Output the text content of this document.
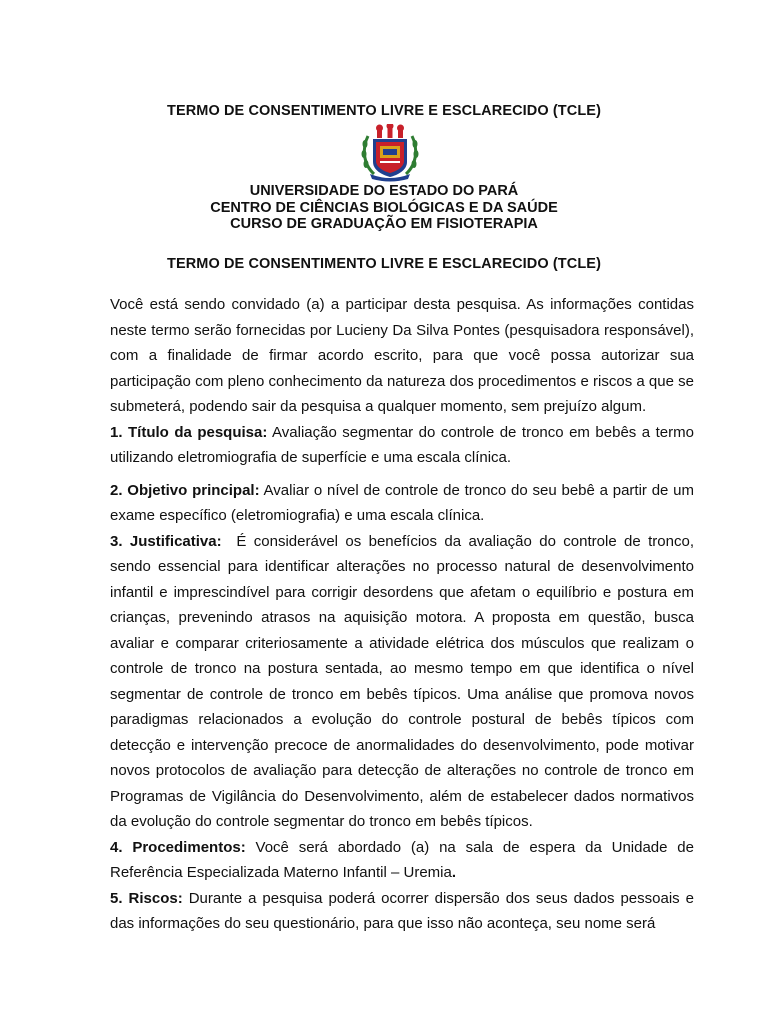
TERMO DE CONSENTIMENTO LIVRE E ESCLARECIDO (TCLE)
UNIVERSIDADE DO ESTADO DO PARÁ
CENTRO DE CIÊNCIAS BIOLÓGICAS E DA SAÚDE
CURSO DE GRADUAÇÃO EM FISIOTERAPIA
TERMO DE CONSENTIMENTO LIVRE E ESCLARECIDO (TCLE)

Você está sendo convidado (a) a participar desta pesquisa. As informações contidas neste termo serão fornecidas por Lucieny Da Silva Pontes (pesquisadora responsável), com a finalidade de firmar acordo escrito, para que você possa autorizar sua participação com pleno conhecimento da natureza dos procedimentos e riscos a que se submeterá, podendo sair da pesquisa a qualquer momento, sem prejuízo algum.

1. Título da pesquisa: Avaliação segmentar do controle de tronco em bebês a termo utilizando eletromiografia de superfície e uma escala clínica.

2. Objetivo principal: Avaliar o nível de controle de tronco do seu bebê a partir de um exame específico (eletromiografia) e uma escala clínica.

3. Justificativa:  É considerável os benefícios da avaliação do controle de tronco, sendo essencial para identificar alterações no processo natural de desenvolvimento infantil e imprescindível para corrigir desordens que afetam o equilíbrio e postura em crianças, prevenindo atrasos na aquisição motora. A proposta em questão, busca avaliar e comparar criteriosamente a atividade elétrica dos músculos que realizam o controle de tronco na postura sentada, ao mesmo tempo em que identifica o nível segmentar de controle de tronco em bebês típicos. Uma análise que promova novos paradigmas relacionados a evolução do controle postural de bebês típicos com detecção e intervenção precoce de anormalidades do desenvolvimento, pode motivar novos protocolos de avaliação para detecção de alterações no controle de tronco em Programas de Vigilância do Desenvolvimento, além de estabelecer dados normativos da evolução do controle segmentar do tronco em bebês típicos.

4. Procedimentos: Você será abordado (a) na sala de espera da Unidade de Referência Especializada Materno Infantil – Uremia.

5. Riscos: Durante a pesquisa poderá ocorrer dispersão dos seus dados pessoais e das informações do seu questionário, para que isso não aconteça, seu nome será
